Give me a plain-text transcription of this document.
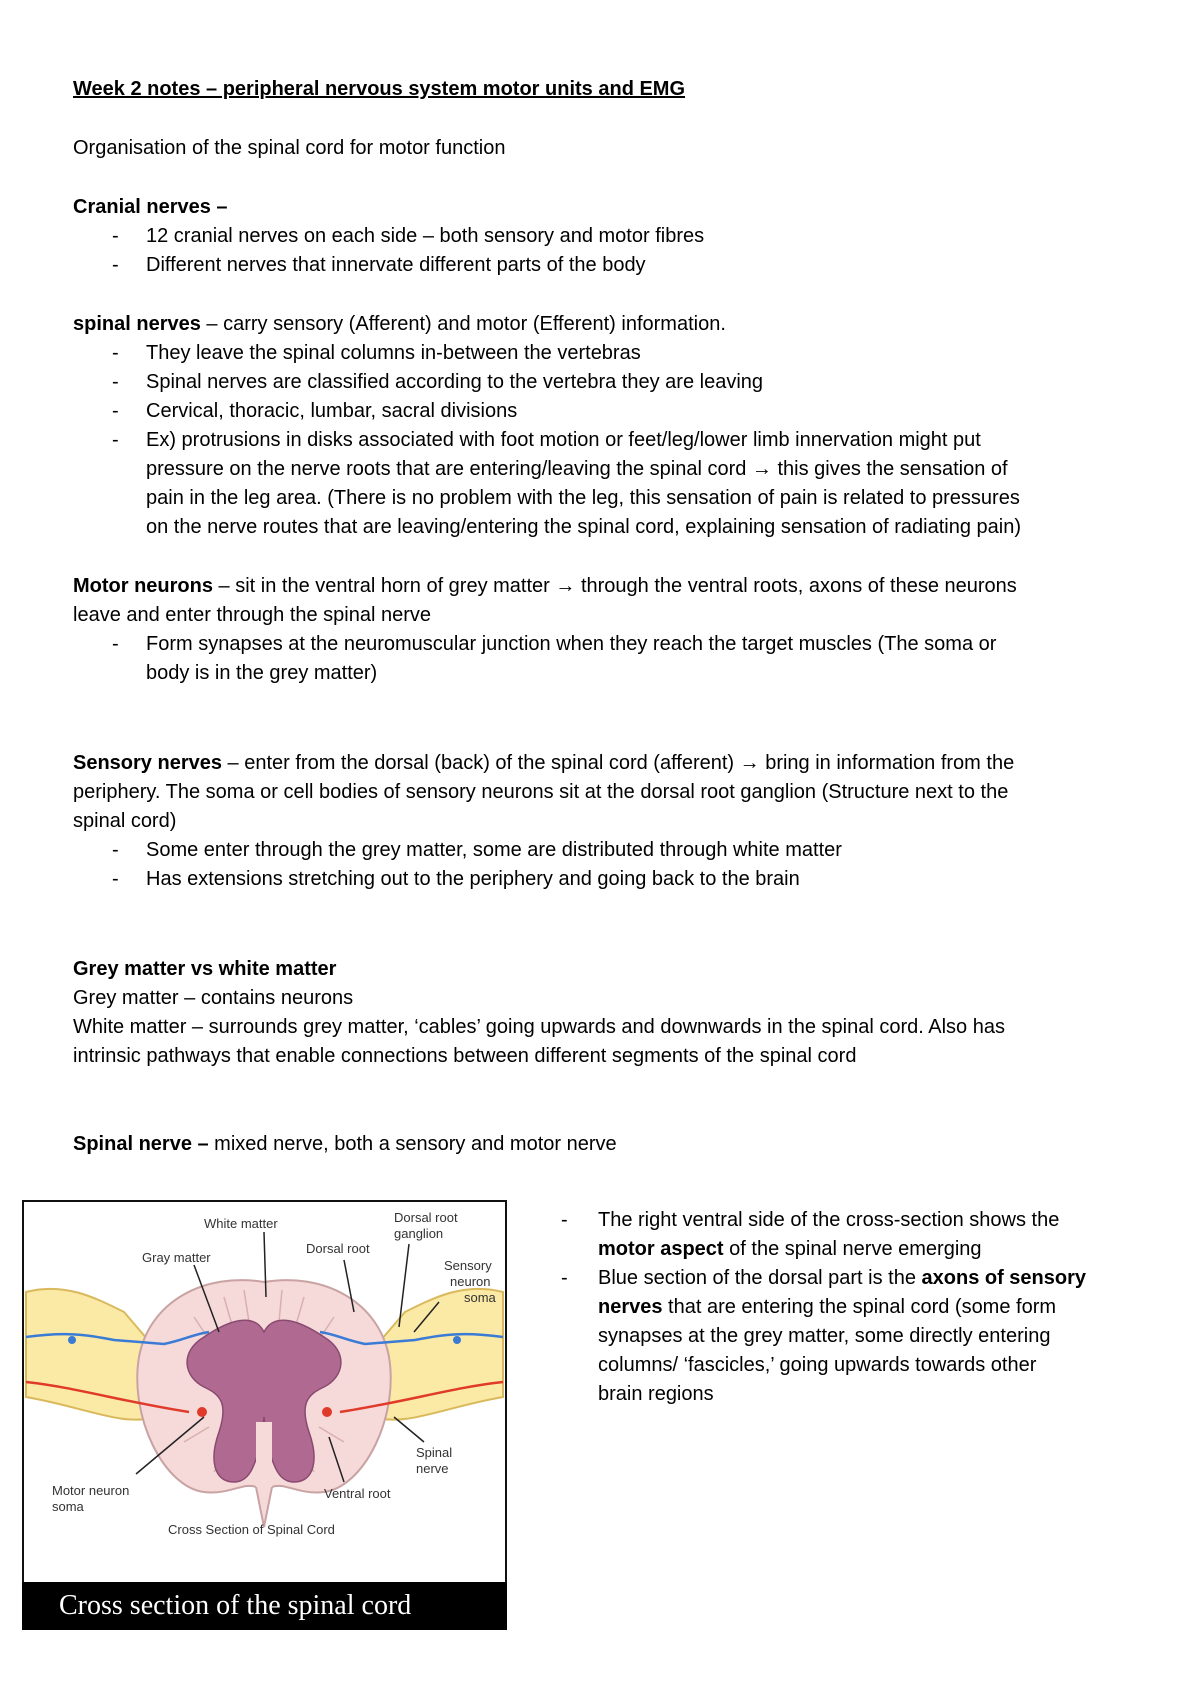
Week 2 notes – peripheral nervous system motor units and EMG
Organisation of the spinal cord for motor function
Cranial nerves –
- 12 cranial nerves on each side – both sensory and motor fibres
- Different nerves that innervate different parts of the body
spinal nerves – carry sensory (Afferent) and motor (Efferent) information.
- They leave the spinal columns in-between the vertebras
- Spinal nerves are classified according to the vertebra they are leaving
- Cervical, thoracic, lumbar, sacral divisions
- Ex) protrusions in disks associated with foot motion or feet/leg/lower limb innervation might put
pressure on the nerve roots that are entering/leaving the spinal cord → this gives the sensation of
pain in the leg area. (There is no problem with the leg, this sensation of pain is related to pressures
on the nerve routes that are leaving/entering the spinal cord, explaining sensation of radiating pain)
Motor neurons – sit in the ventral horn of grey matter → through the ventral roots, axons of these neurons
leave and enter through the spinal nerve
- Form synapses at the neuromuscular junction when they reach the target muscles (The soma or
body is in the grey matter)
Sensory nerves – enter from the dorsal (back) of the spinal cord (afferent) → bring in information from the
periphery. The soma or cell bodies of sensory neurons sit at the dorsal root ganglion (Structure next to the
spinal cord)
- Some enter through the grey matter, some are distributed through white matter
- Has extensions stretching out to the periphery and going back to the brain
Grey matter vs white matter
Grey matter – contains neurons
White matter – surrounds grey matter, ‘cables’ going upwards and downwards in the spinal cord. Also has
intrinsic pathways that enable connections between different segments of the spinal cord
Spinal nerve – mixed nerve, both a sensory and motor nerve
White matter	Dorsal root
ganglion
Dorsal root
Gray matter
Sensory
neuron
soma
Spinal
nerve
Motor neuron
soma
Ventral root
Cross Section of Spinal Cord
Cross section of the spinal cord
- The right ventral side of the cross-section shows the
motor aspect of the spinal nerve emerging
- Blue section of the dorsal part is the axons of sensory
nerves that are entering the spinal cord (some form
synapses at the grey matter, some directly entering
columns/ ‘fascicles,’ going upwards towards other
brain regions
